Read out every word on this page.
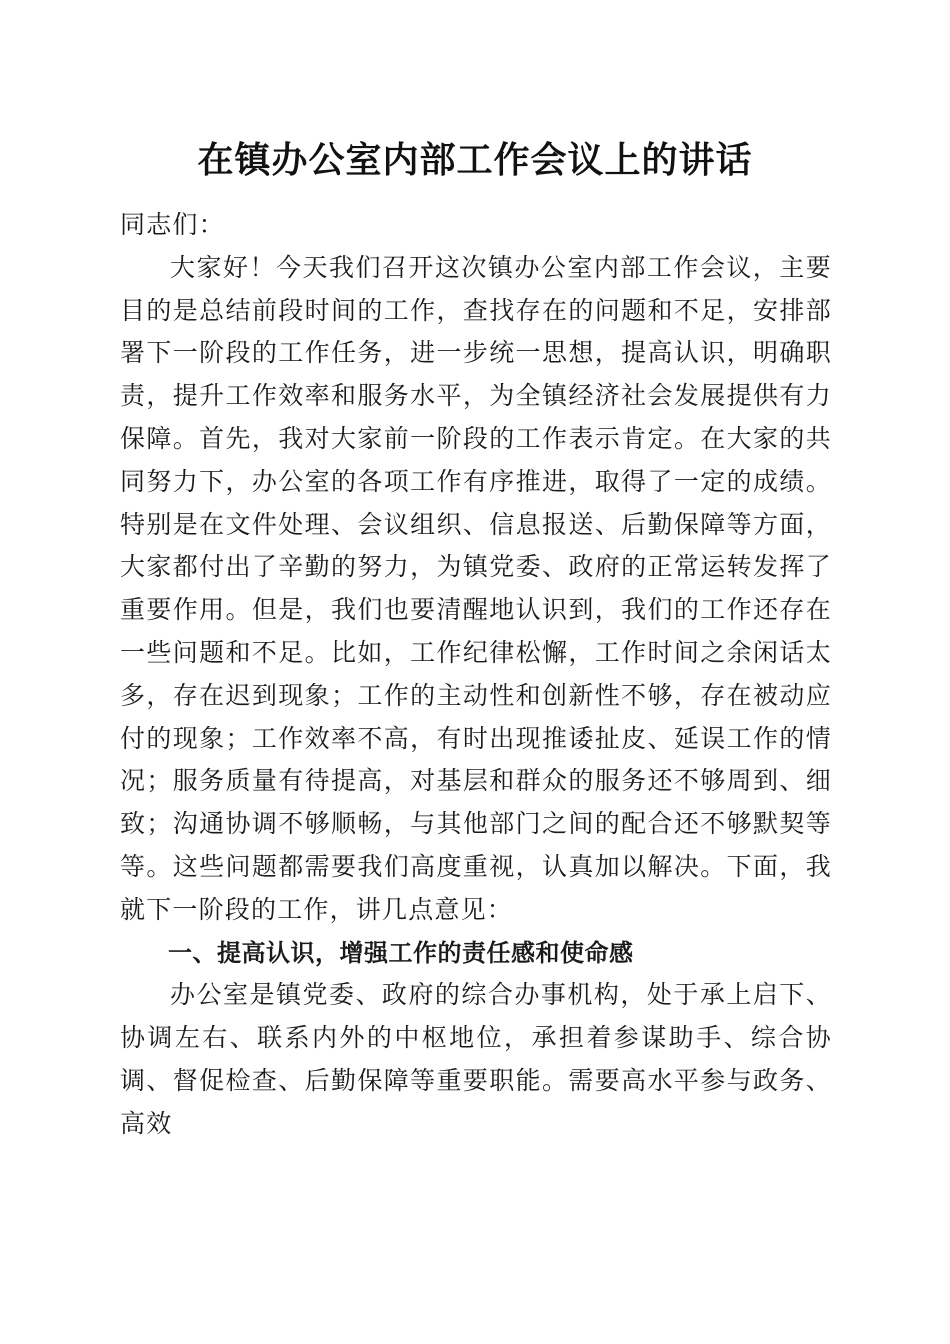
在镇办公室内部工作会议上的讲话

同志们：

大家好！今天我们召开这次镇办公室内部工作会议，主要目的是总结前段时间的工作，查找存在的问题和不足，安排部署下一阶段的工作任务，进一步统一思想，提高认识，明确职责，提升工作效率和服务水平，为全镇经济社会发展提供有力保障。首先，我对大家前一阶段的工作表示肯定。在大家的共同努力下，办公室的各项工作有序推进，取得了一定的成绩。特别是在文件处理、会议组织、信息报送、后勤保障等方面，大家都付出了辛勤的努力，为镇党委、政府的正常运转发挥了重要作用。但是，我们也要清醒地认识到，我们的工作还存在一些问题和不足。比如，工作纪律松懈，工作时间之余闲话太多，存在迟到现象；工作的主动性和创新性不够，存在被动应付的现象；工作效率不高，有时出现推诿扯皮、延误工作的情况；服务质量有待提高，对基层和群众的服务还不够周到、细致；沟通协调不够顺畅，与其他部门之间的配合还不够默契等等。这些问题都需要我们高度重视，认真加以解决。下面，我就下一阶段的工作，讲几点意见：

一、提高认识，增强工作的责任感和使命感

办公室是镇党委、政府的综合办事机构，处于承上启下、协调左右、联系内外的中枢地位，承担着参谋助手、综合协调、督促检查、后勤保障等重要职能。需要高水平参与政务、高效
